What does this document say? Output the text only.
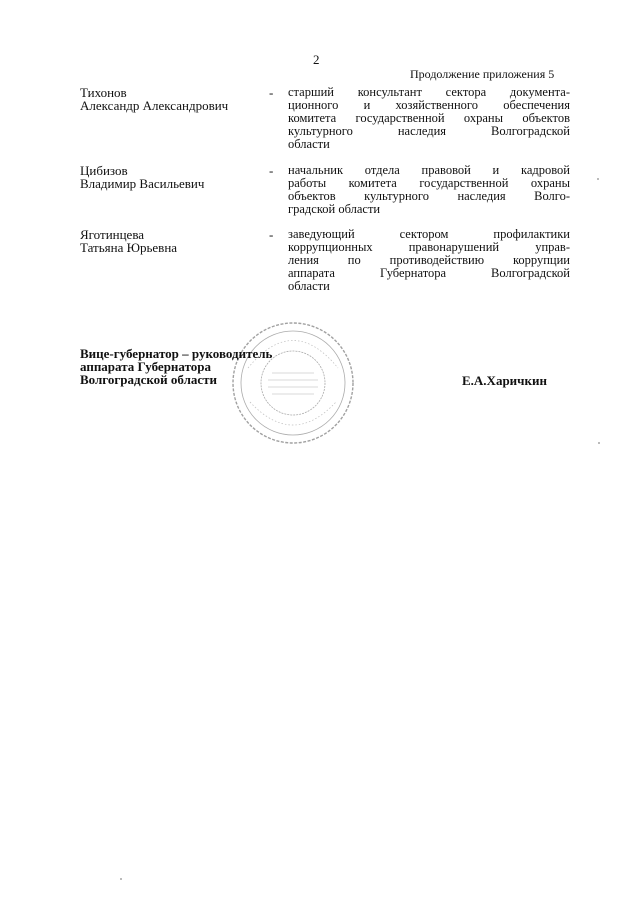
2
Продолжение приложения 5
Тихонов
Александр Александрович
- старший консультант сектора документа-
ционного и хозяйственного обеспечения
комитета государственной охраны объектов
культурного наследия Волгоградской
области
Цибизов
Владимир Васильевич
- начальник отдела правовой и кадровой
работы комитета государственной охраны
объектов культурного наследия Волго-
градской области
Яготинцева
Татьяна Юрьевна
- заведующий сектором профилактики
коррупционных правонарушений управ-
ления по противодействию коррупции
аппарата Губернатора Волгоградской
области
Вице-губернатор – руководитель
аппарата Губернатора
Волгоградской области	Е.А.Харичкин
